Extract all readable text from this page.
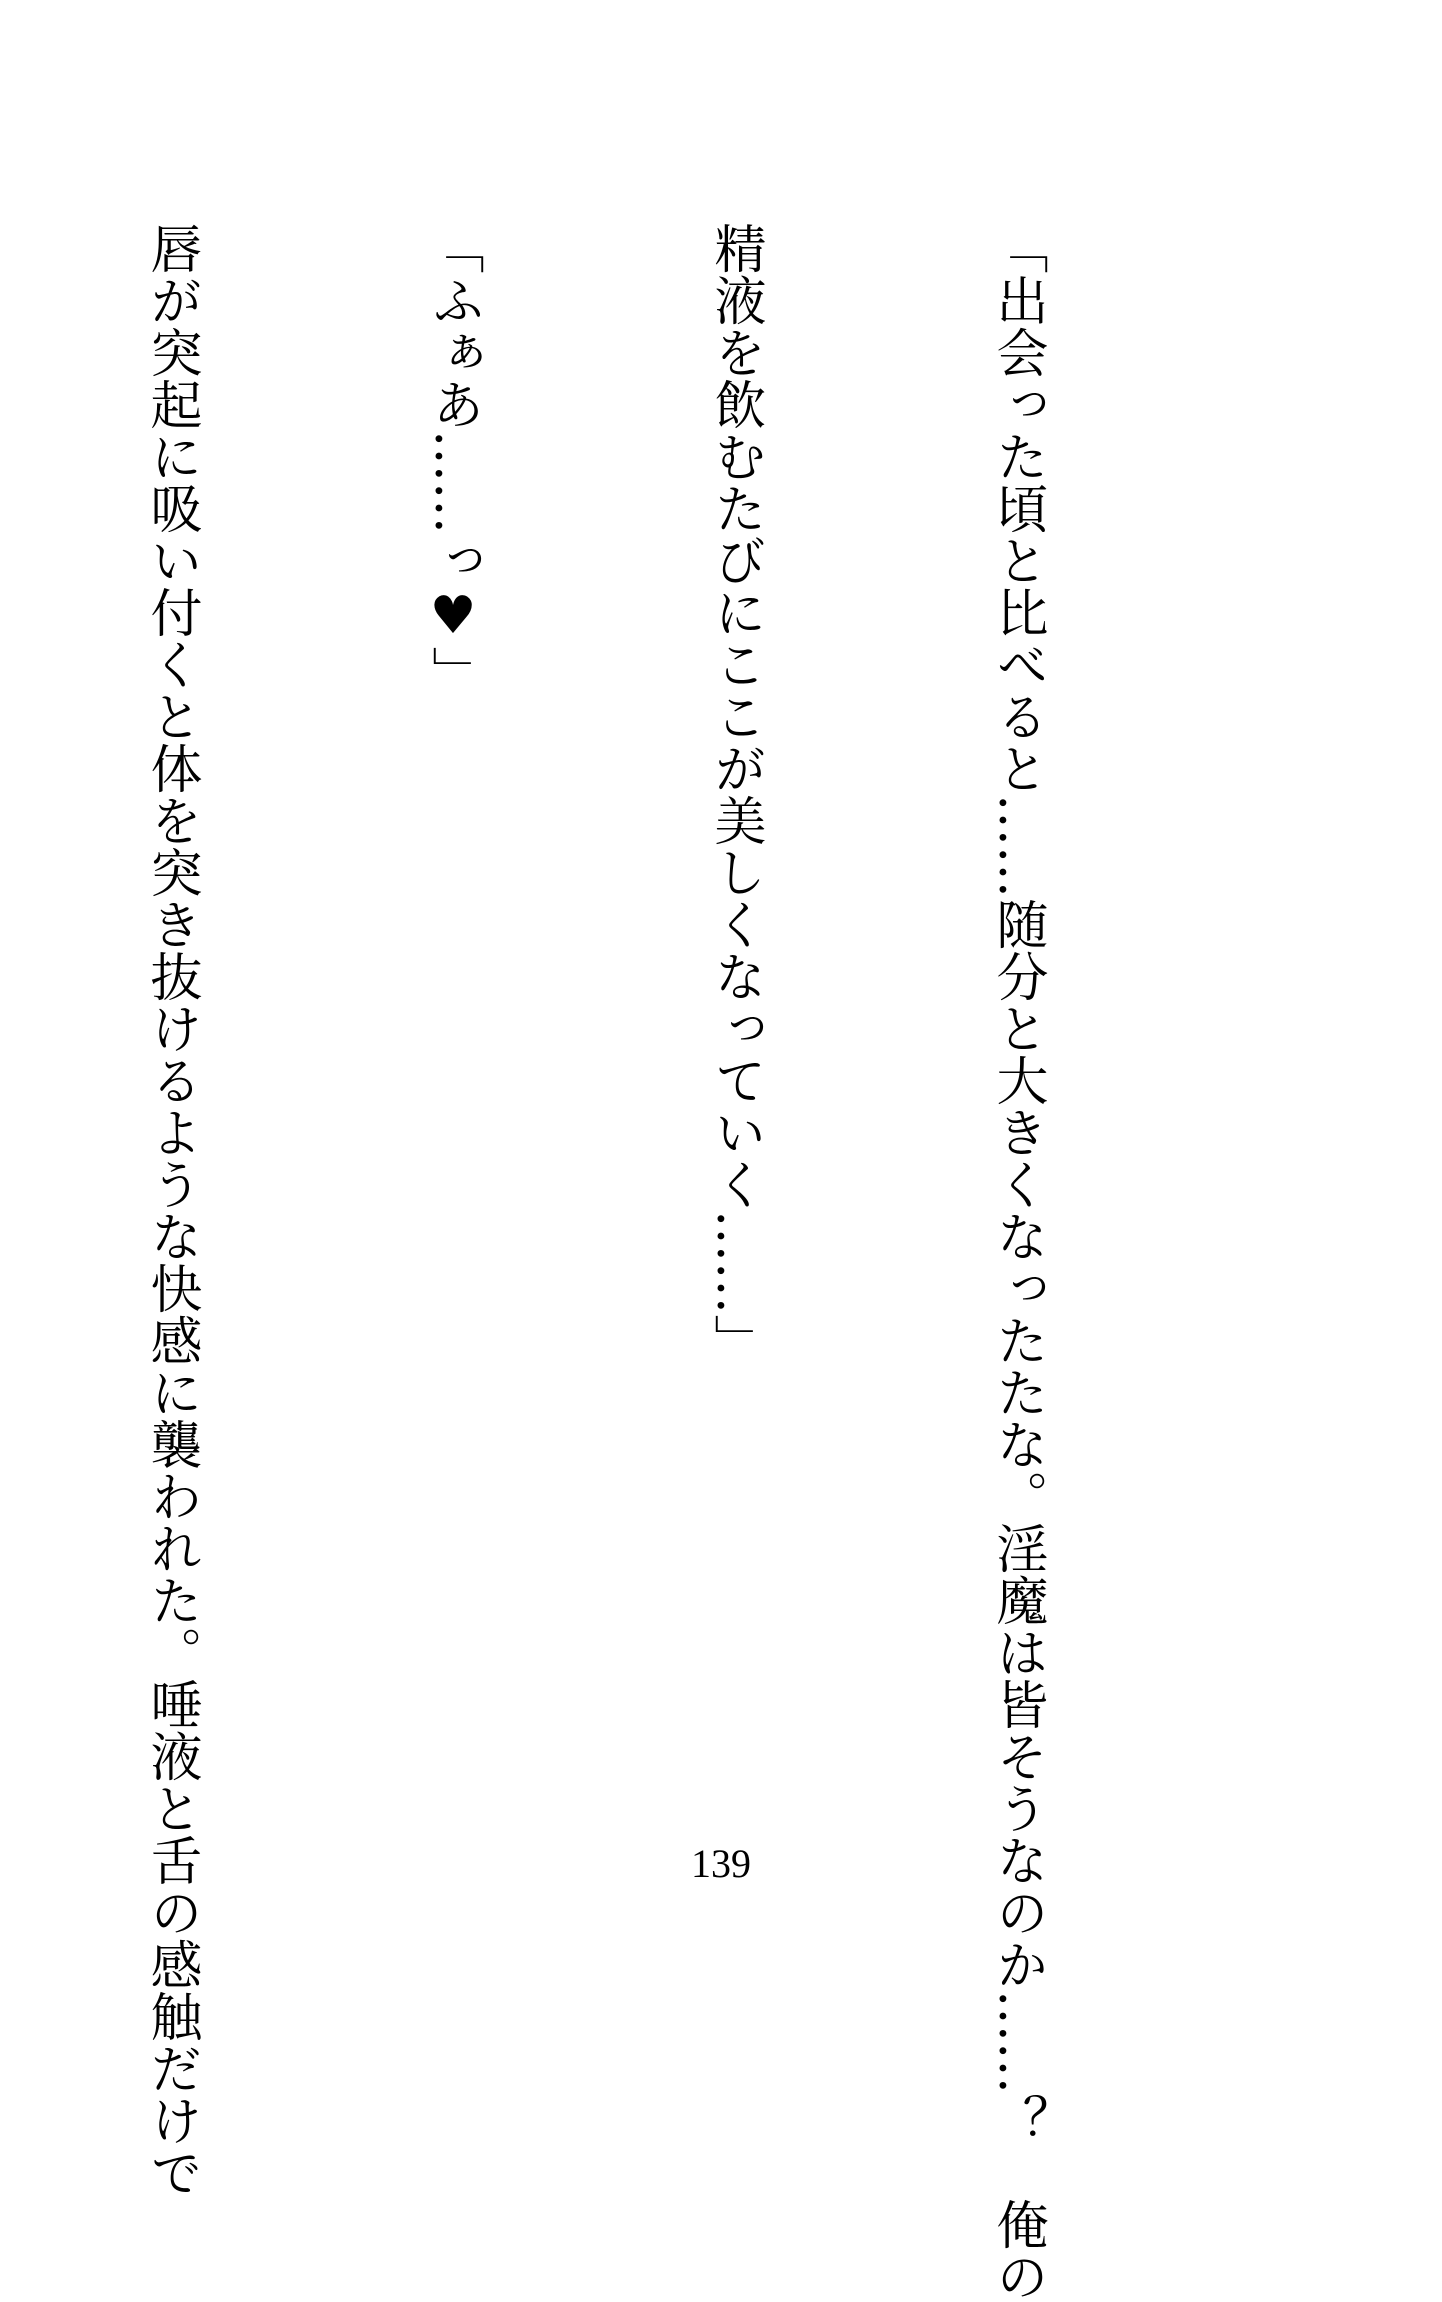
「出会った頃と比べると……随分と大きくなったたな。淫魔は皆そうなのか……？　俺の

精液を飲むたびにここが美しくなっていく……」

「ふぁあ……っ♥」

唇が突起に吸い付くと体を突き抜けるような快感に襲われた。唾液と舌の感触だけで

	139
